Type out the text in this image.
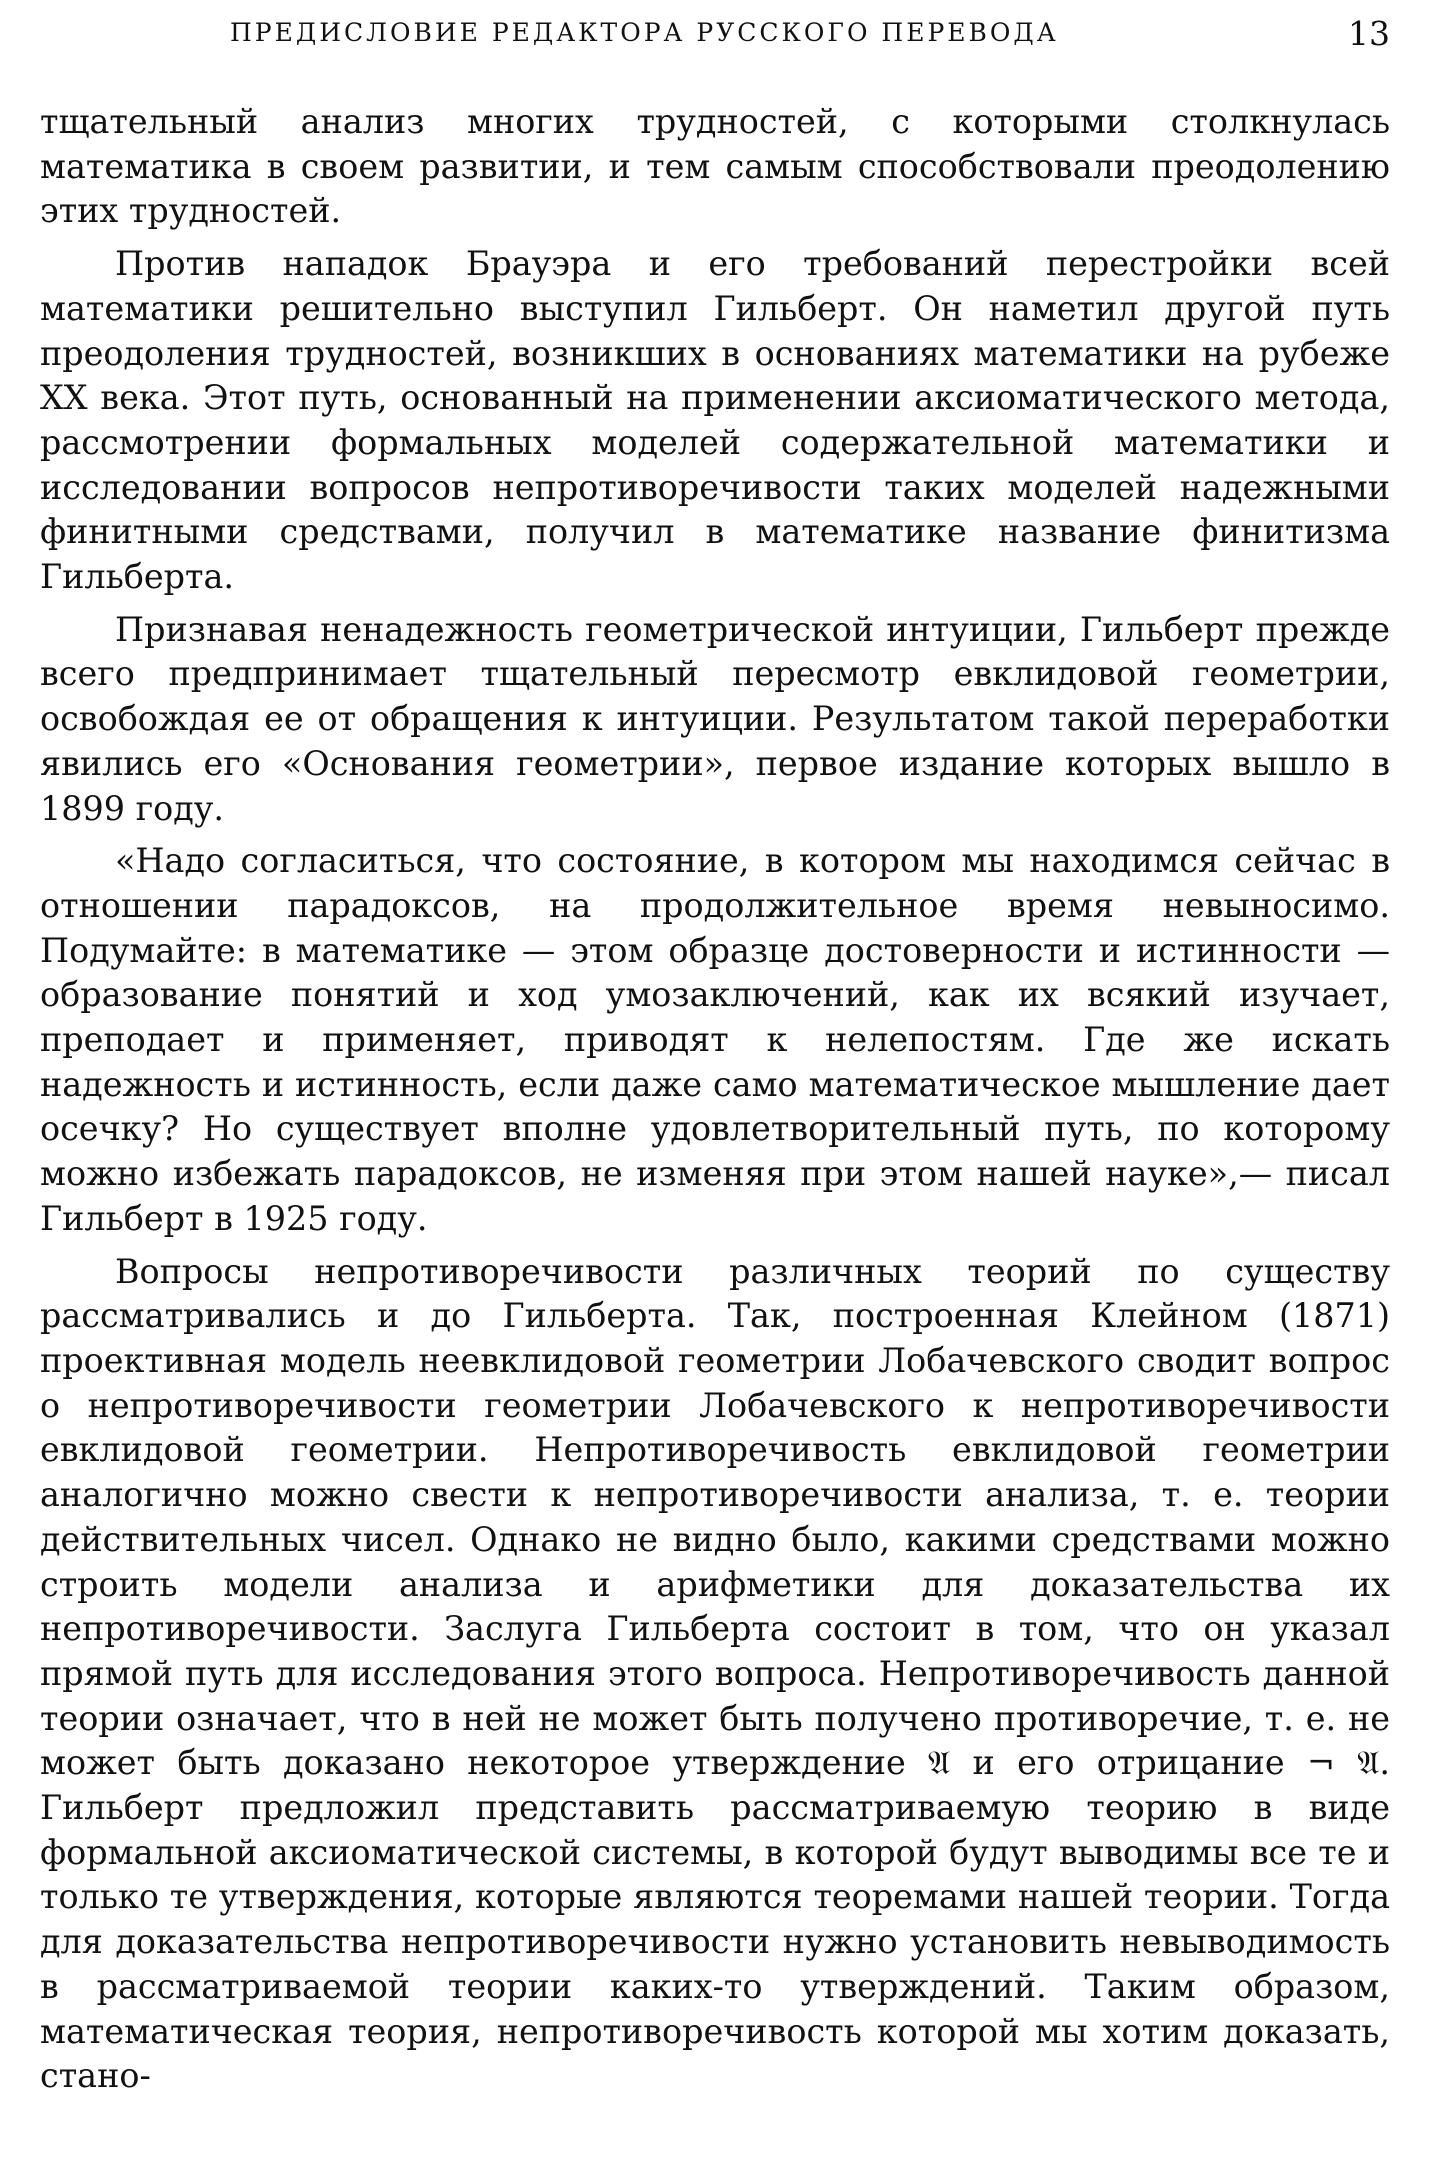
ПРЕДИСЛОВИЕ РЕДАКТОРА РУССКОГО ПЕРЕВОДА	13

тщательный анализ многих трудностей, с которыми столкнулась математика в своем развитии, и тем самым способствовали преодолению этих трудностей.

Против нападок Брауэра и его требований перестройки всей математики решительно выступил Гильберт. Он наметил другой путь преодоления трудностей, возникших в основаниях математики на рубеже XX века. Этот путь, основанный на применении аксиоматического метода, рассмотрении формальных моделей содержательной математики и исследовании вопросов непротиворечивости таких моделей надежными финитными средствами, получил в математике название финитизма Гильберта.

Признавая ненадежность геометрической интуиции, Гильберт прежде всего предпринимает тщательный пересмотр евклидовой геометрии, освобождая ее от обращения к интуиции. Результатом такой переработки явились его «Основания геометрии», первое издание которых вышло в 1899 году.

«Надо согласиться, что состояние, в котором мы находимся сейчас в отношении парадоксов, на продолжительное время невыносимо. Подумайте: в математике — этом образце достоверности и истинности — образование понятий и ход умозаключений, как их всякий изучает, преподает и применяет, приводят к нелепостям. Где же искать надежность и истинность, если даже само математическое мышление дает осечку? Но существует вполне удовлетворительный путь, по которому можно избежать парадоксов, не изменяя при этом нашей науке»,— писал Гильберт в 1925 году.

Вопросы непротиворечивости различных теорий по существу рассматривались и до Гильберта. Так, построенная Клейном (1871) проективная модель неевклидовой геометрии Лобачевского сводит вопрос о непротиворечивости геометрии Лобачевского к непротиворечивости евклидовой геометрии. Непротиворечивость евклидовой геометрии аналогично можно свести к непротиворечивости анализа, т. е. теории действительных чисел. Однако не видно было, какими средствами можно строить модели анализа и арифметики для доказательства их непротиворечивости. Заслуга Гильберта состоит в том, что он указал прямой путь для исследования этого вопроса. Непротиворечивость данной теории означает, что в ней не может быть получено противоречие, т. е. не может быть доказано некоторое утверждение 𝔄 и его отрицание ¬ 𝔄. Гильберт предложил представить рассматриваемую теорию в виде формальной аксиоматической системы, в которой будут выводимы все те и только те утверждения, которые являются теоремами нашей теории. Тогда для доказательства непротиворечивости нужно установить невыводимость в рассматриваемой теории каких-то утверждений. Таким образом, математическая теория, непротиворечивость которой мы хотим доказать, стано-
